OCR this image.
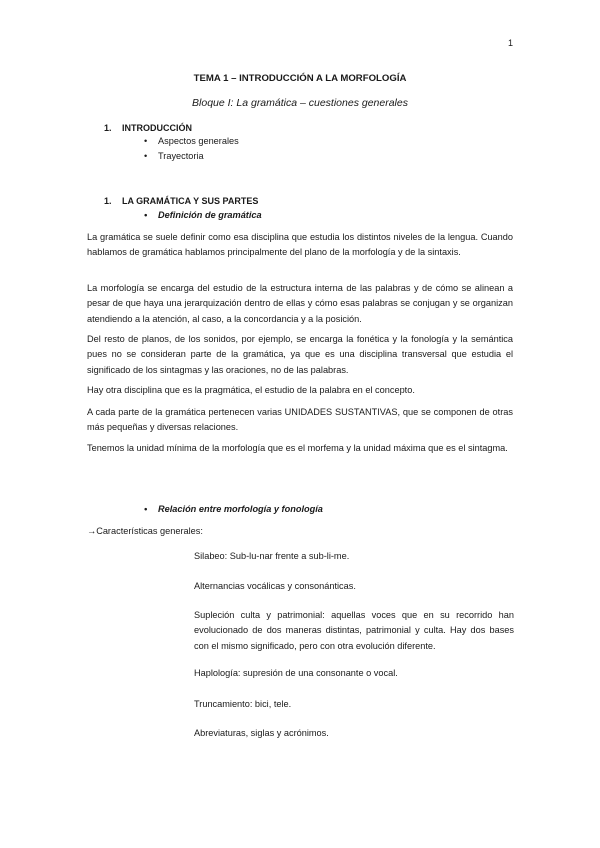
1
TEMA 1 – INTRODUCCIÓN A LA MORFOLOGÍA
Bloque I: La gramática – cuestiones generales
1. INTRODUCCIÓN
• Aspectos generales
• Trayectoria
1. LA GRAMÁTICA Y SUS PARTES
• Definición de gramática
La gramática se suele definir como esa disciplina que estudia los distintos niveles de la lengua. Cuando hablamos de gramática hablamos principalmente del plano de la morfología y de la sintaxis.
La morfología se encarga del estudio de la estructura interna de las palabras y de cómo se alinean a pesar de que haya una jerarquización dentro de ellas y cómo esas palabras se conjugan y se organizan atendiendo a la atención, al caso, a la concordancia y a la posición.
Del resto de planos, de los sonidos, por ejemplo, se encarga la fonética y la fonología y la semántica pues no se consideran parte de la gramática, ya que es una disciplina transversal que estudia el significado de los sintagmas y las oraciones, no de las palabras.
Hay otra disciplina que es la pragmática, el estudio de la palabra en el concepto.
A cada parte de la gramática pertenecen varias UNIDADES SUSTANTIVAS, que se componen de otras más pequeñas y diversas relaciones.
Tenemos la unidad mínima de la morfología que es el morfema y la unidad máxima que es el sintagma.
• Relación entre morfología y fonología
→Características generales:
Silabeo: Sub-lu-nar frente a sub-li-me.
Alternancias vocálicas y consonánticas.
Supleción culta y patrimonial: aquellas voces que en su recorrido han evolucionado de dos maneras distintas, patrimonial y culta. Hay dos bases con el mismo significado, pero con otra evolución diferente.
Haplología: supresión de una consonante o vocal.
Truncamiento: bici, tele.
Abreviaturas, siglas y acrónimos.
